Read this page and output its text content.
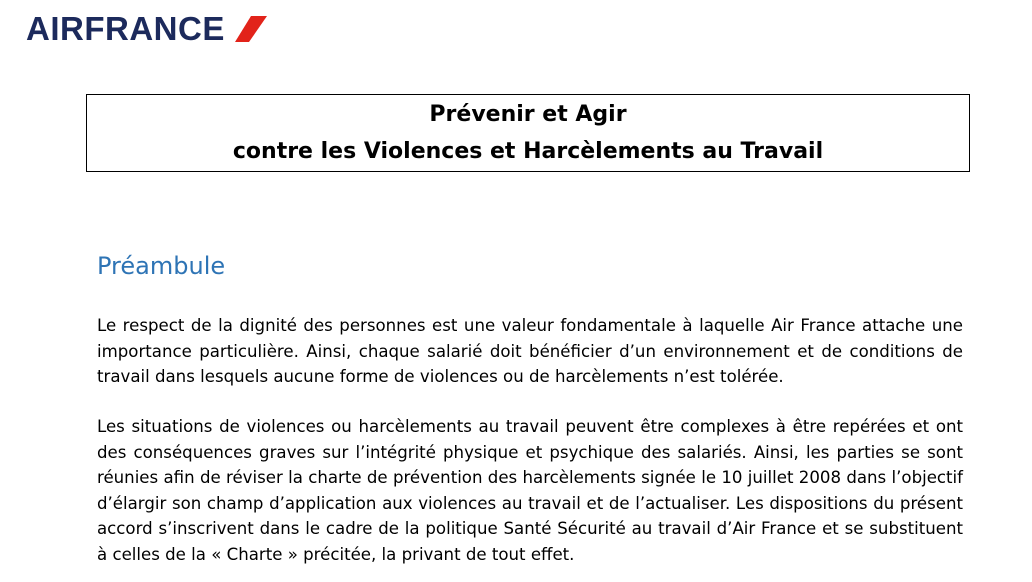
AIRFRANCE
Prévenir et Agir
contre les Violences et Harcèlements au Travail
Préambule
Le respect de la dignité des personnes est une valeur fondamentale à laquelle Air France attache une
importance particulière. Ainsi, chaque salarié doit bénéficier d’un environnement et de conditions de
travail dans lesquels aucune forme de violences ou de harcèlements n’est tolérée.
Les situations de violences ou harcèlements au travail peuvent être complexes à être repérées et ont
des conséquences graves sur l’intégrité physique et psychique des salariés. Ainsi, les parties se sont
réunies afin de réviser la charte de prévention des harcèlements signée le 10 juillet 2008 dans l’objectif
d’élargir son champ d’application aux violences au travail et de l’actualiser. Les dispositions du présent
accord s’inscrivent dans le cadre de la politique Santé Sécurité au travail d’Air France et se substituent
à celles de la « Charte » précitée, la privant de tout effet.
